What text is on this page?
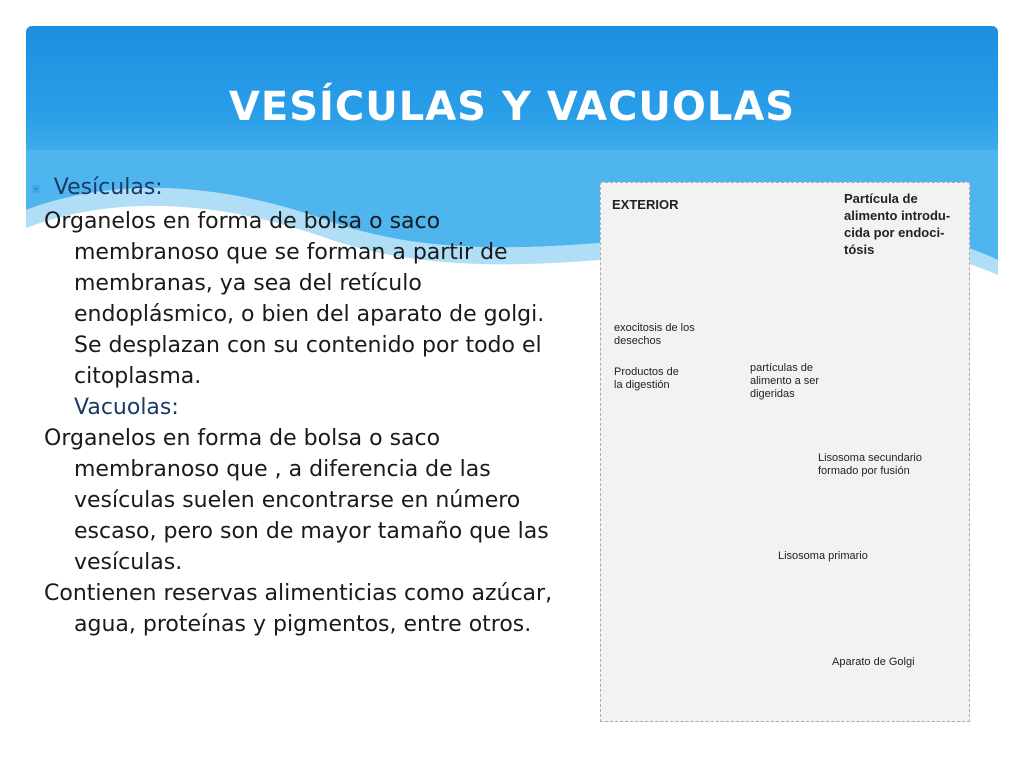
VESÍCULAS Y VACUOLAS
✳ Vesículas:

Organelos en forma de bolsa o saco membranoso que se forman a partir de membranas, ya sea del retículo endoplásmico, o bien del aparato de golgi. Se desplazan con su contenido por todo el citoplasma.

Vacuolas:

Organelos en forma de bolsa o saco membranoso que , a diferencia de las vesículas suelen encontrarse en número escaso, pero son de mayor tamaño que las vesículas.

Contienen reservas alimenticias como azúcar, agua, proteínas y pigmentos, entre otros.

EXTERIOR	Partícula de alimento introdu- cida por endoci- tósis
exocitosis de los desechos
Productos de la digestión
partículas de alimento a ser digeridas
Lisosoma secundario formado por fusión
Lisosoma primario
Aparato de Golgi
